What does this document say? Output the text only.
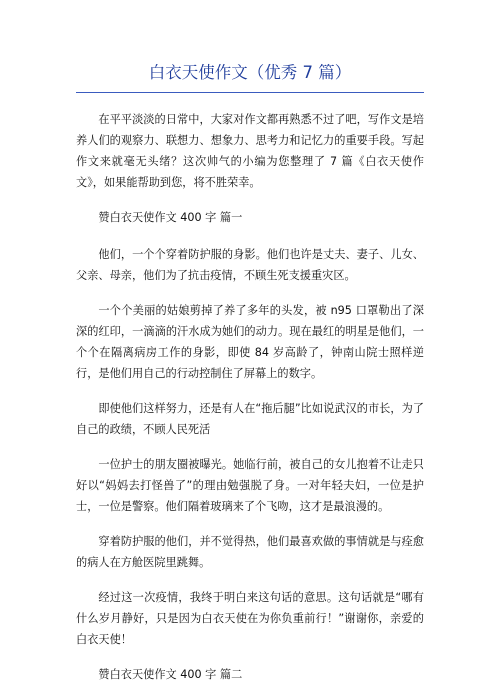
白衣天使作文（优秀 7 篇）

在平平淡淡的日常中，大家对作文都再熟悉不过了吧，写作文是培养人们的观察力、联想力、想象力、思考力和记忆力的重要手段。写起作文来就毫无头绪？这次帅气的小编为您整理了 7 篇《白衣天使作文》，如果能帮助到您，将不胜荣幸。

赞白衣天使作文 400 字 篇一

他们，一个个穿着防护服的身影。他们也许是丈夫、妻子、儿女、父亲、母亲，他们为了抗击疫情，不顾生死支援重灾区。

一个个美丽的姑娘剪掉了养了多年的头发，被 n95 口罩勒出了深深的红印，一滴滴的汗水成为她们的动力。现在最红的明星是他们，一个个在隔离病房工作的身影，即使 84 岁高龄了，钟南山院士照样逆行，是他们用自己的行动控制住了屏幕上的数字。

即使他们这样努力，还是有人在“拖后腿”比如说武汉的市长，为了自己的政绩，不顾人民死活

一位护士的朋友圈被曝光。她临行前，被自己的女儿抱着不让走只好以“妈妈去打怪兽了”的理由勉强脱了身。一对年轻夫妇，一位是护士，一位是警察。他们隔着玻璃来了个飞吻，这才是最浪漫的。

穿着防护服的他们，并不觉得热，他们最喜欢做的事情就是与痊愈的病人在方舱医院里跳舞。

经过这一次疫情，我终于明白来这句话的意思。这句话就是“哪有什么岁月静好，只是因为白衣天使在为你负重前行！”谢谢你，亲爱的白衣天使！

赞白衣天使作文 400 字 篇二
